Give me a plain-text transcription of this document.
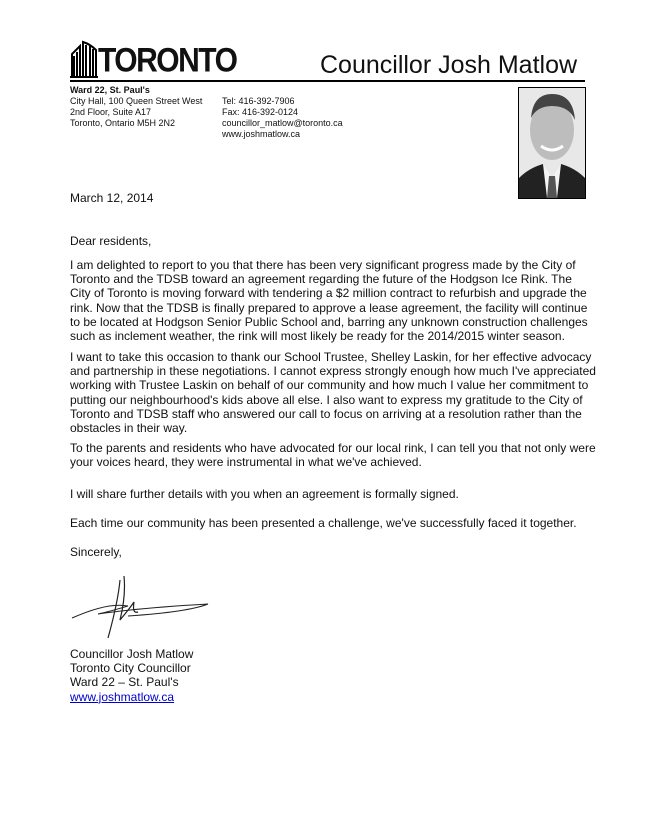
TORONTO	Councillor Josh Matlow
Ward 22, St. Paul's
City Hall, 100 Queen Street West
2nd Floor, Suite A17
Toronto, Ontario M5H 2N2
Tel: 416-392-7906
Fax: 416-392-0124
councillor_matlow@toronto.ca
www.joshmatlow.ca
March 12, 2014
Dear residents,
I am delighted to report to you that there has been very significant progress made by the City of
Toronto and the TDSB toward an agreement regarding the future of the Hodgson Ice Rink. The
City of Toronto is moving forward with tendering a $2 million contract to refurbish and upgrade the
rink. Now that the TDSB is finally prepared to approve a lease agreement, the facility will continue
to be located at Hodgson Senior Public School and, barring any unknown construction challenges
such as inclement weather, the rink will most likely be ready for the 2014/2015 winter season.
I want to take this occasion to thank our School Trustee, Shelley Laskin, for her effective advocacy
and partnership in these negotiations. I cannot express strongly enough how much I've appreciated
working with Trustee Laskin on behalf of our community and how much I value her commitment to
putting our neighbourhood's kids above all else. I also want to express my gratitude to the City of
Toronto and TDSB staff who answered our call to focus on arriving at a resolution rather than the
obstacles in their way.
To the parents and residents who have advocated for our local rink, I can tell you that not only were
your voices heard, they were instrumental in what we've achieved.
I will share further details with you when an agreement is formally signed.
Each time our community has been presented a challenge, we've successfully faced it together.
Sincerely,
Councillor Josh Matlow
Toronto City Councillor
Ward 22 – St. Paul's
www.joshmatlow.ca
